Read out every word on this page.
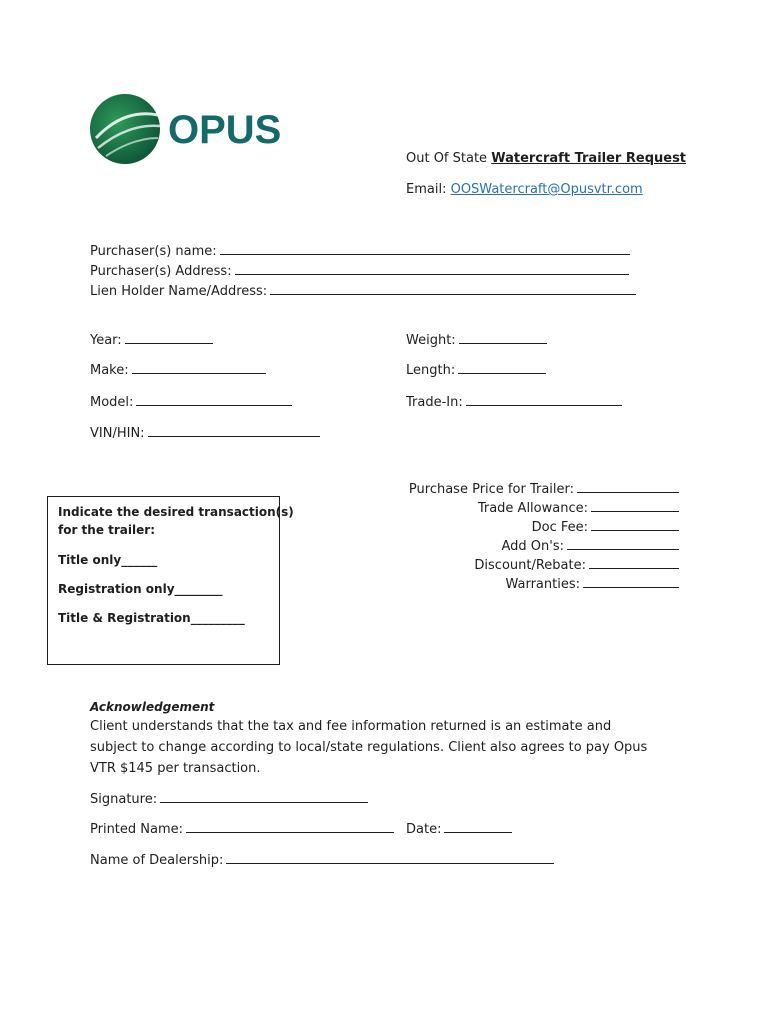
OPUS
Out Of State Watercraft Trailer Request
Email: OOSWatercraft@Opusvtr.com
Purchaser(s) name:
Purchaser(s) Address:
Lien Holder Name/Address:
Year:
Make:
Model:
VIN/HIN:
Weight:
Length:
Trade-In:
Indicate the desired transaction(s)
for the trailer:
Title only______
Registration only________
Title & Registration_________
Purchase Price for Trailer:
Trade Allowance:
Doc Fee:
Add On's:
Discount/Rebate:
Warranties:
Acknowledgement
Client understands that the tax and fee information returned is an estimate and subject to change according to local/state regulations. Client also agrees to pay Opus VTR $145 per transaction.
Signature:
Printed Name:	Date:
Name of Dealership:
